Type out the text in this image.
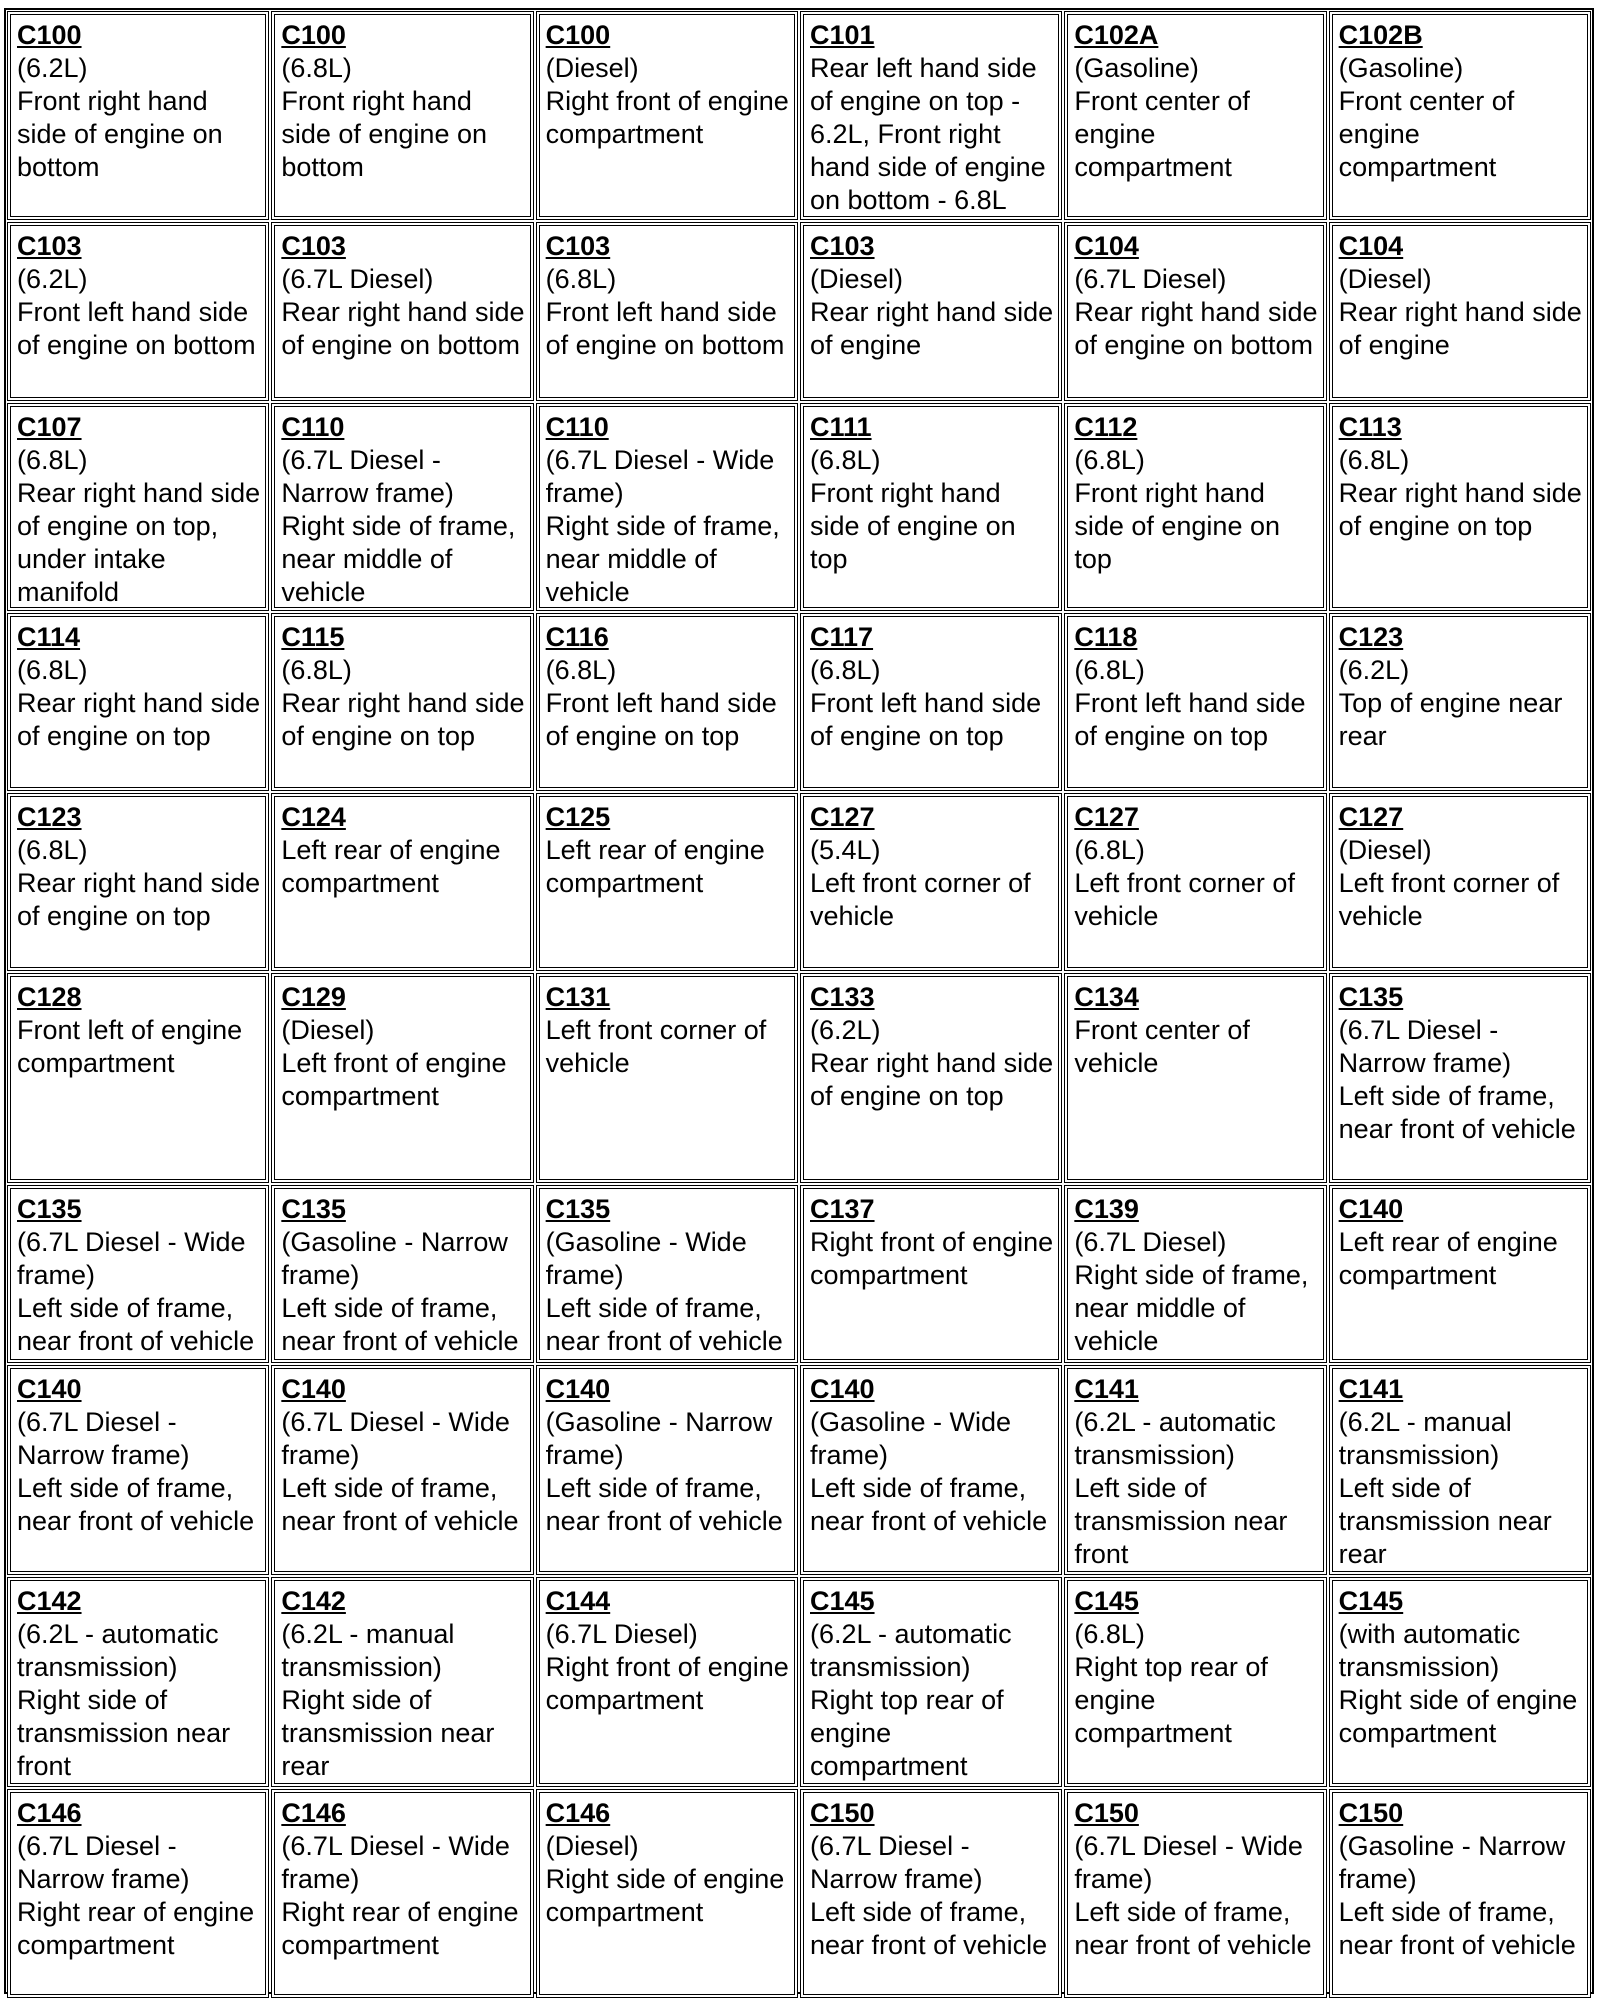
C100
(6.2L)
Front right hand side of engine on bottom
C100
(6.8L)
Front right hand side of engine on bottom
C100
(Diesel)
Right front of engine compartment
C101
Rear left hand side of engine on top - 6.2L, Front right hand side of engine on bottom - 6.8L
C102A
(Gasoline)
Front center of engine compartment
C102B
(Gasoline)
Front center of engine compartment
C103
(6.2L)
Front left hand side of engine on bottom
C103
(6.7L Diesel)
Rear right hand side of engine on bottom
C103
(6.8L)
Front left hand side of engine on bottom
C103
(Diesel)
Rear right hand side of engine
C104
(6.7L Diesel)
Rear right hand side of engine on bottom
C104
(Diesel)
Rear right hand side of engine
C107
(6.8L)
Rear right hand side of engine on top, under intake manifold
C110
(6.7L Diesel - Narrow frame)
Right side of frame, near middle of vehicle
C110
(6.7L Diesel - Wide frame)
Right side of frame, near middle of vehicle
C111
(6.8L)
Front right hand side of engine on top
C112
(6.8L)
Front right hand side of engine on top
C113
(6.8L)
Rear right hand side of engine on top
C114
(6.8L)
Rear right hand side of engine on top
C115
(6.8L)
Rear right hand side of engine on top
C116
(6.8L)
Front left hand side of engine on top
C117
(6.8L)
Front left hand side of engine on top
C118
(6.8L)
Front left hand side of engine on top
C123
(6.2L)
Top of engine near rear
C123
(6.8L)
Rear right hand side of engine on top
C124
Left rear of engine compartment
C125
Left rear of engine compartment
C127
(5.4L)
Left front corner of vehicle
C127
(6.8L)
Left front corner of vehicle
C127
(Diesel)
Left front corner of vehicle
C128
Front left of engine compartment
C129
(Diesel)
Left front of engine compartment
C131
Left front corner of vehicle
C133
(6.2L)
Rear right hand side of engine on top
C134
Front center of vehicle
C135
(6.7L Diesel - Narrow frame)
Left side of frame, near front of vehicle
C135
(6.7L Diesel - Wide frame)
Left side of frame, near front of vehicle
C135
(Gasoline - Narrow frame)
Left side of frame, near front of vehicle
C135
(Gasoline - Wide frame)
Left side of frame, near front of vehicle
C137
Right front of engine compartment
C139
(6.7L Diesel)
Right side of frame, near middle of vehicle
C140
Left rear of engine compartment
C140
(6.7L Diesel - Narrow frame)
Left side of frame, near front of vehicle
C140
(6.7L Diesel - Wide frame)
Left side of frame, near front of vehicle
C140
(Gasoline - Narrow frame)
Left side of frame, near front of vehicle
C140
(Gasoline - Wide frame)
Left side of frame, near front of vehicle
C141
(6.2L - automatic transmission)
Left side of transmission near front
C141
(6.2L - manual transmission)
Left side of transmission near rear
C142
(6.2L - automatic transmission)
Right side of transmission near front
C142
(6.2L - manual transmission)
Right side of transmission near rear
C144
(6.7L Diesel)
Right front of engine compartment
C145
(6.2L - automatic transmission)
Right top rear of engine compartment
C145
(6.8L)
Right top rear of engine compartment
C145
(with automatic transmission)
Right side of engine compartment
C146
(6.7L Diesel - Narrow frame)
Right rear of engine compartment
C146
(6.7L Diesel - Wide frame)
Right rear of engine compartment
C146
(Diesel)
Right side of engine compartment
C150
(6.7L Diesel - Narrow frame)
Left side of frame, near front of vehicle
C150
(6.7L Diesel - Wide frame)
Left side of frame, near front of vehicle
C150
(Gasoline - Narrow frame)
Left side of frame, near front of vehicle
